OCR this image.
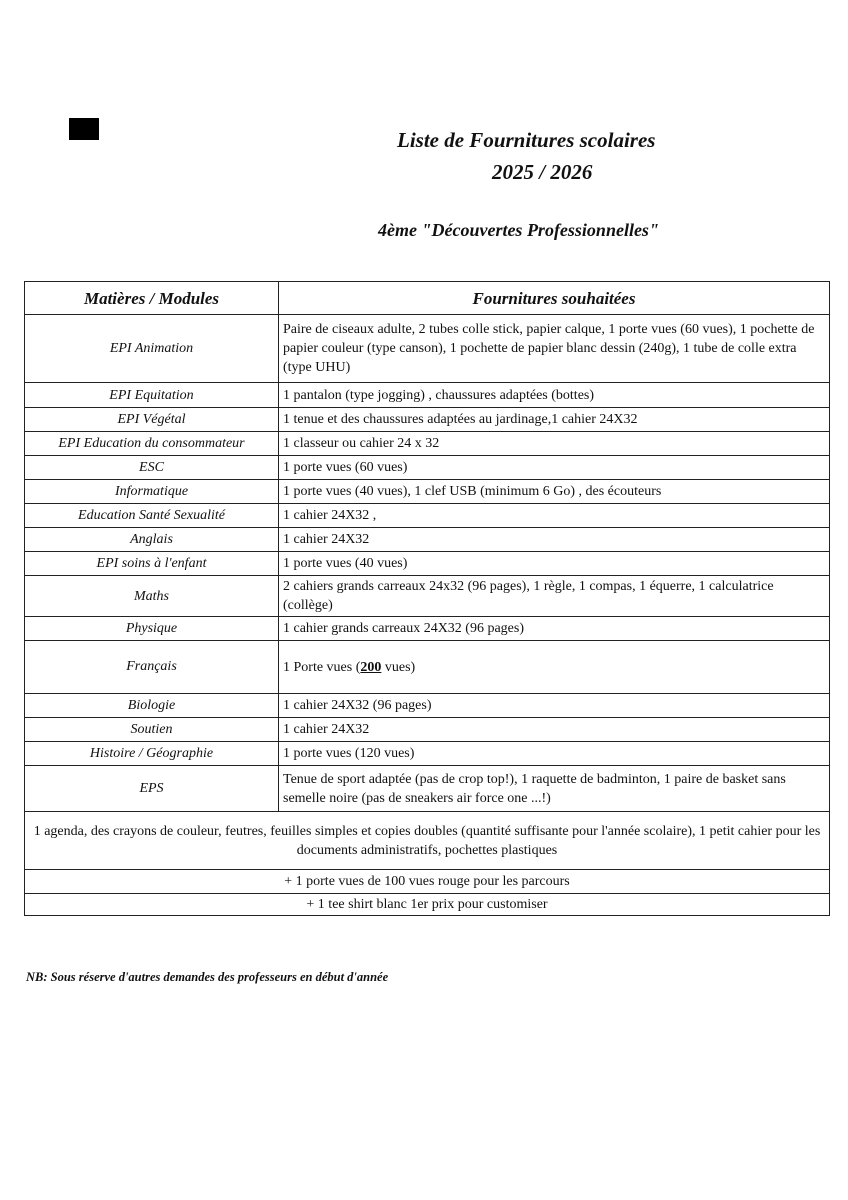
Liste de Fournitures scolaires
2025 / 2026
4ème "Découvertes Professionnelles"
Matières / Modules	Fournitures souhaitées
EPI Animation	Paire de ciseaux adulte, 2 tubes colle stick, papier calque, 1 porte vues (60 vues), 1 pochette de papier couleur (type canson), 1 pochette de papier blanc dessin (240g), 1 tube de colle extra (type UHU)
EPI Equitation	1 pantalon (type jogging) , chaussures adaptées (bottes)
EPI Végétal	1 tenue et des chaussures adaptées au jardinage,1 cahier 24X32
EPI Education du consommateur	1 classeur ou cahier 24 x 32
ESC	1 porte vues (60 vues)
Informatique	1 porte vues (40 vues), 1 clef USB (minimum 6 Go) , des écouteurs
Education Santé Sexualité	1 cahier 24X32 ,
Anglais	1 cahier 24X32
EPI soins à l'enfant	1 porte vues (40 vues)
Maths	2 cahiers grands carreaux 24x32 (96 pages), 1 règle, 1 compas, 1 équerre, 1 calculatrice (collège)
Physique	1 cahier grands carreaux 24X32 (96 pages)
Français	1 Porte vues (200 vues)
Biologie	1 cahier 24X32 (96 pages)
Soutien	1 cahier 24X32
Histoire / Géographie	1 porte vues (120 vues)
EPS	Tenue de sport adaptée (pas de crop top!), 1 raquette de badminton, 1 paire de basket sans semelle noire (pas de sneakers air force one ...!)
1 agenda, des crayons de couleur, feutres, feuilles simples et copies doubles (quantité suffisante pour l'année scolaire), 1 petit cahier pour les documents administratifs, pochettes plastiques	
+ 1 porte vues de 100 vues rouge pour les parcours	
+ 1 tee shirt blanc 1er prix pour customiser	
NB: Sous réserve d'autres demandes des professeurs en début d'année
